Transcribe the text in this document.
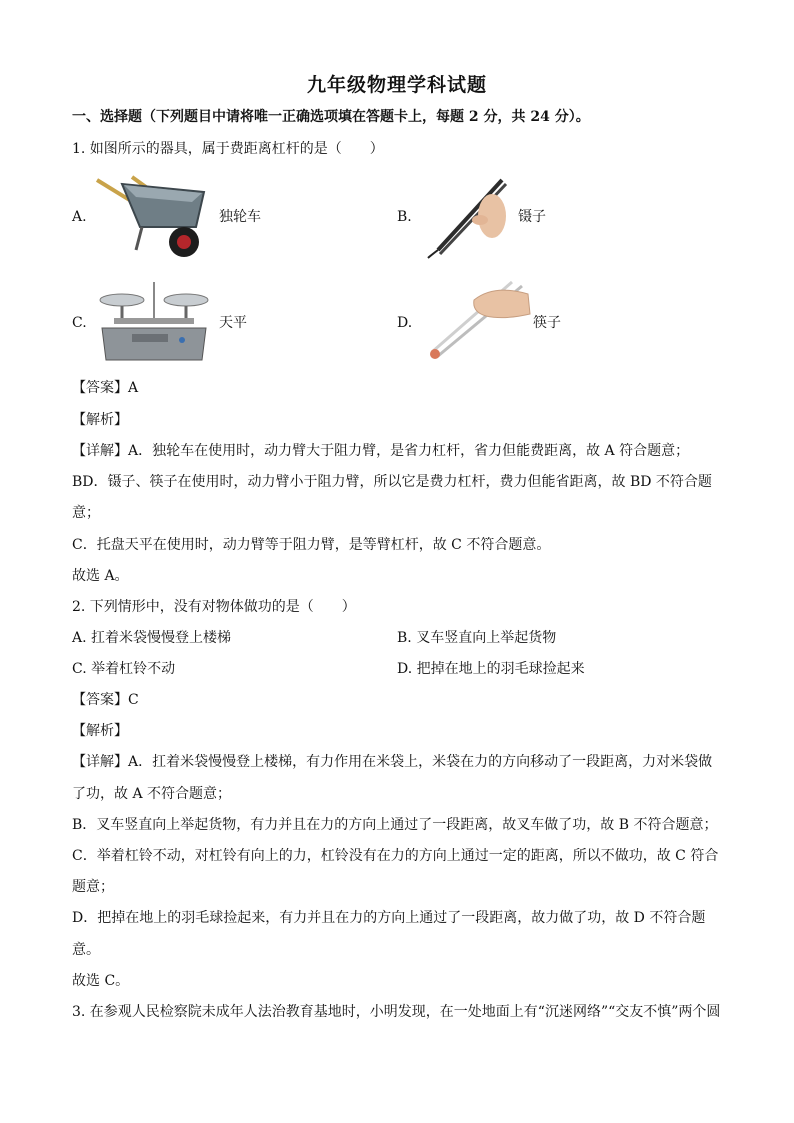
九年级物理学科试题
一、选择题（下列题目中请将唯一正确选项填在答题卡上，每题 2 分，共 24 分）。
1. 如图所示的器具，属于费距离杠杆的是（　　）
A.	独轮车	B.	镊子
C.	天平	D.	筷子
【答案】A
【解析】
【详解】A．独轮车在使用时，动力臂大于阻力臂，是省力杠杆，省力但能费距离，故 A 符合题意；
BD．镊子、筷子在使用时，动力臂小于阻力臂，所以它是费力杠杆，费力但能省距离，故 BD 不符合题
意；
C．托盘天平在使用时，动力臂等于阻力臂，是等臂杠杆，故 C 不符合题意。
故选 A。
2. 下列情形中，没有对物体做功的是（　　）
A. 扛着米袋慢慢登上楼梯	B. 叉车竖直向上举起货物
C. 举着杠铃不动	D. 把掉在地上的羽毛球捡起来
【答案】C
【解析】
【详解】A．扛着米袋慢慢登上楼梯，有力作用在米袋上，米袋在力的方向移动了一段距离，力对米袋做
了功，故 A 不符合题意；
B．叉车竖直向上举起货物，有力并且在力的方向上通过了一段距离，故叉车做了功，故 B 不符合题意；
C．举着杠铃不动，对杠铃有向上的力，杠铃没有在力的方向上通过一定的距离，所以不做功，故 C 符合
题意；
D．把掉在地上的羽毛球捡起来，有力并且在力的方向上通过了一段距离，故力做了功，故 D 不符合题
意。
故选 C。
3. 在参观人民检察院未成年人法治教育基地时，小明发现，在一处地面上有“沉迷网络”“交友不慎”两个圆
